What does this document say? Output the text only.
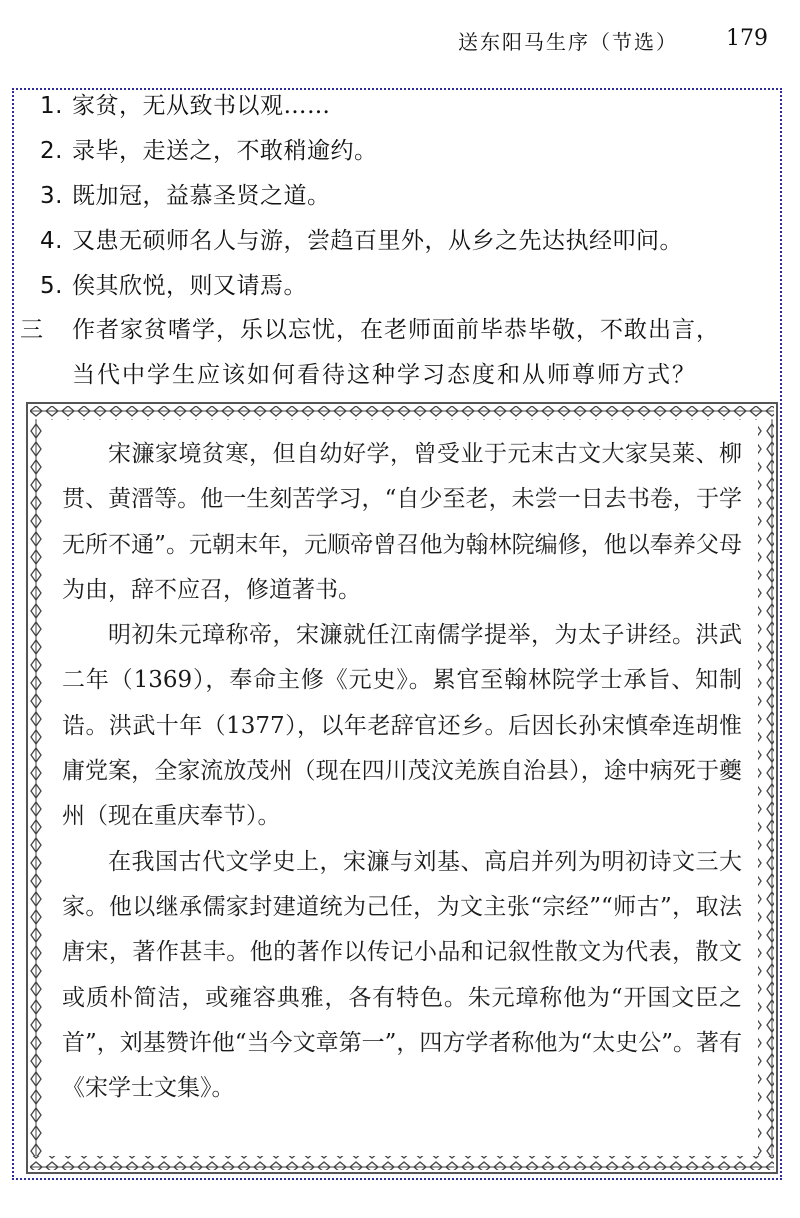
送东阳马生序（节选） 179
1. 家贫，无从致书以观……
2. 录毕，走送之，不敢稍逾约。
3. 既加冠，益慕圣贤之道。
4. 又患无硕师名人与游，尝趋百里外，从乡之先达执经叩问。
5. 俟其欣悦，则又请焉。
三 作者家贫嗜学，乐以忘忧，在老师面前毕恭毕敬，不敢出言，
当代中学生应该如何看待这种学习态度和从师尊师方式？

宋濂家境贫寒，但自幼好学，曾受业于元末古文大家吴莱、柳贯、黄溍等。他一生刻苦学习，“自少至老，未尝一日去书卷，于学无所不通”。元朝末年，元顺帝曾召他为翰林院编修，他以奉养父母为由，辞不应召，修道著书。

明初朱元璋称帝，宋濂就任江南儒学提举，为太子讲经。洪武二年（1369），奉命主修《元史》。累官至翰林院学士承旨、知制诰。洪武十年（1377），以年老辞官还乡。后因长孙宋慎牵连胡惟庸党案，全家流放茂州（现在四川茂汶羌族自治县），途中病死于夔州（现在重庆奉节）。

在我国古代文学史上，宋濂与刘基、高启并列为明初诗文三大家。他以继承儒家封建道统为己任，为文主张“宗经”“师古”，取法唐宋，著作甚丰。他的著作以传记小品和记叙性散文为代表，散文或质朴简洁，或雍容典雅，各有特色。朱元璋称他为“开国文臣之首”，刘基赞许他“当今文章第一”，四方学者称他为“太史公”。著有《宋学士文集》。
